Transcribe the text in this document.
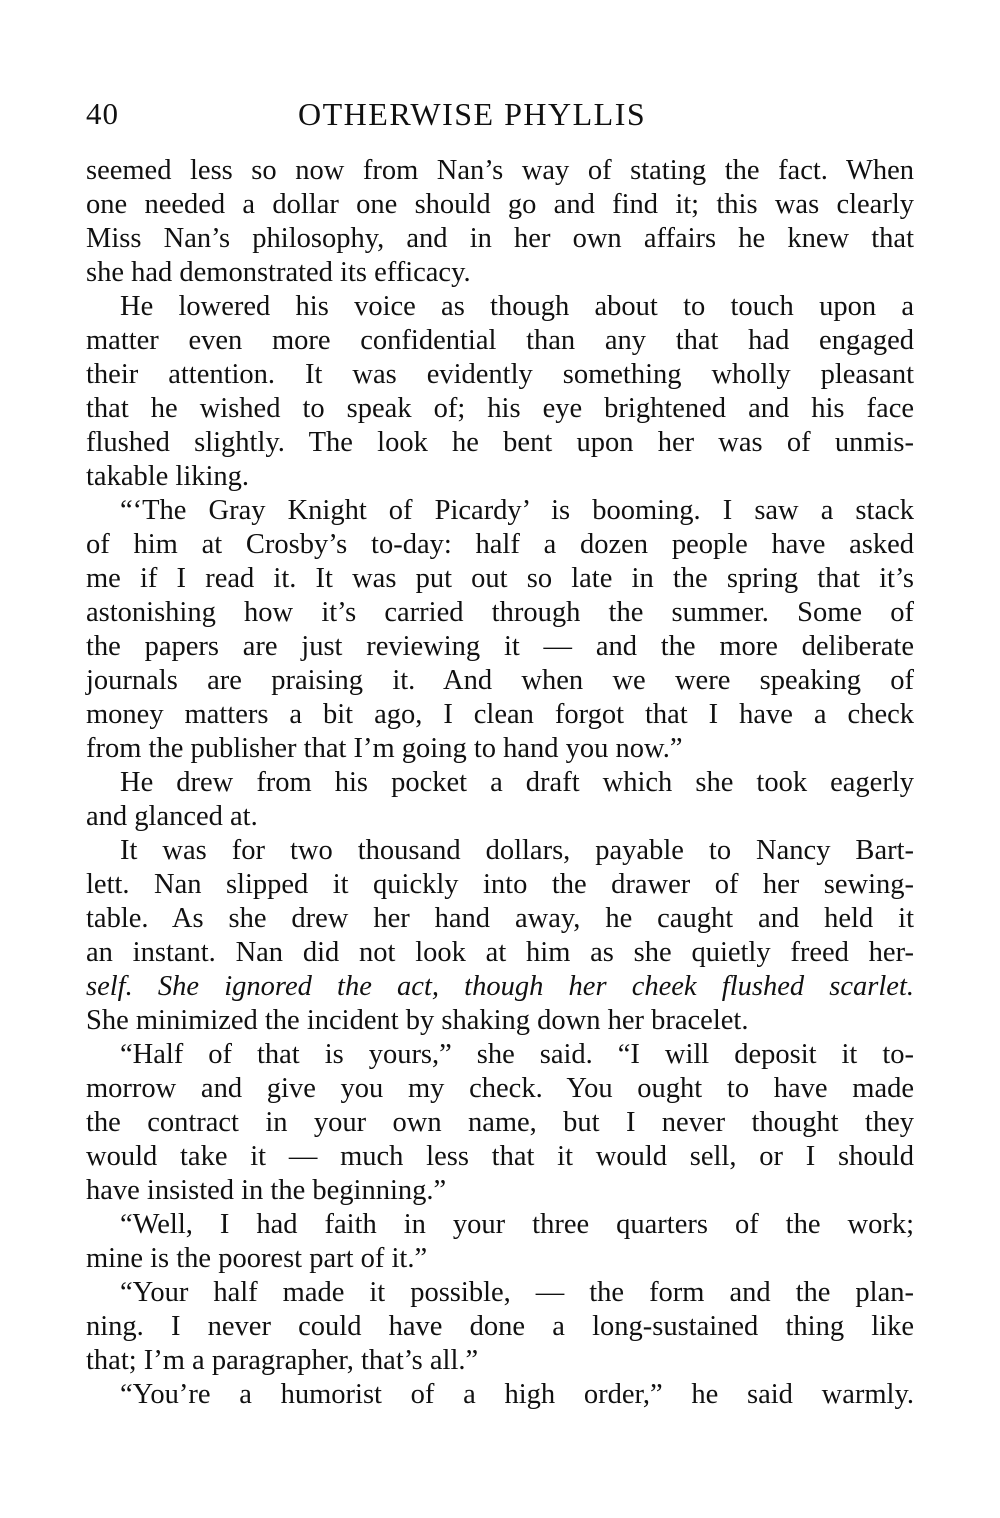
40	OTHERWISE PHYLLIS
seemed less so now from Nan’s way of stating the fact. When
one needed a dollar one should go and find it; this was clearly
Miss Nan’s philosophy, and in her own affairs he knew that
she had demonstrated its efficacy.
He lowered his voice as though about to touch upon a
matter even more confidential than any that had engaged
their attention. It was evidently something wholly pleasant
that he wished to speak of; his eye brightened and his face
flushed slightly. The look he bent upon her was of unmis-
takable liking.
“‘The Gray Knight of Picardy’ is booming. I saw a stack
of him at Crosby’s to-day: half a dozen people have asked
me if I read it. It was put out so late in the spring that it’s
astonishing how it’s carried through the summer. Some of
the papers are just reviewing it — and the more deliberate
journals are praising it. And when we were speaking of
money matters a bit ago, I clean forgot that I have a check
from the publisher that I’m going to hand you now.”
He drew from his pocket a draft which she took eagerly
and glanced at.
It was for two thousand dollars, payable to Nancy Bart-
lett. Nan slipped it quickly into the drawer of her sewing-
table. As she drew her hand away, he caught and held it
an instant. Nan did not look at him as she quietly freed her-
self. She ignored the act, though her cheek flushed scarlet.
She minimized the incident by shaking down her bracelet.
“Half of that is yours,” she said. “I will deposit it to-
morrow and give you my check. You ought to have made
the contract in your own name, but I never thought they
would take it — much less that it would sell, or I should
have insisted in the beginning.”
“Well, I had faith in your three quarters of the work;
mine is the poorest part of it.”
“Your half made it possible, — the form and the plan-
ning. I never could have done a long-sustained thing like
that; I’m a paragrapher, that’s all.”
“You’re a humorist of a high order,” he said warmly.
